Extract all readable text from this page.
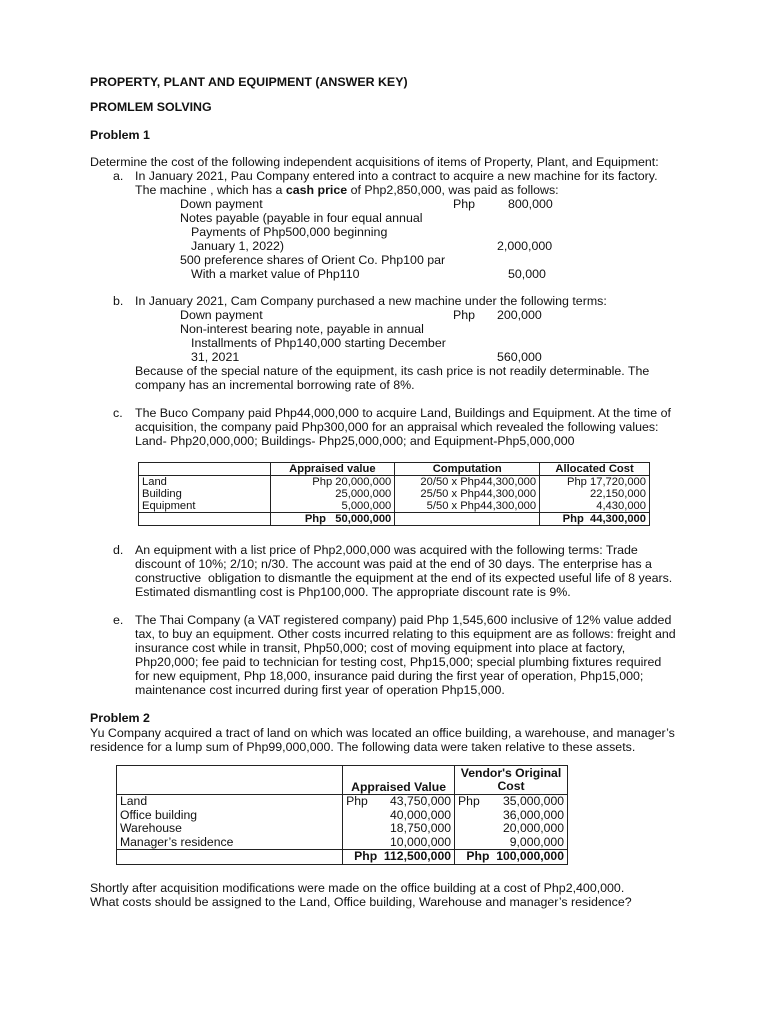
PROPERTY, PLANT AND EQUIPMENT (ANSWER KEY)
PROMLEM SOLVING
Problem 1
Determine the cost of the following independent acquisitions of items of Property, Plant, and Equipment:
a. In January 2021, Pau Company entered into a contract to acquire a new machine for its factory.
The machine , which has a cash price of Php2,850,000, was paid as follows:
Down payment	Php	800,000
Notes payable (payable in four equal annual
Payments of Php500,000 beginning
January 1, 2022)	2,000,000
500 preference shares of Orient Co. Php100 par
With a market value of Php110	50,000
b. In January 2021, Cam Company purchased a new machine under the following terms:
Down payment	Php 200,000
Non-interest bearing note, payable in annual
Installments of Php140,000 starting December
31, 2021	560,000
Because of the special nature of the equipment, its cash price is not readily determinable. The
company has an incremental borrowing rate of 8%.
c. The Buco Company paid Php44,000,000 to acquire Land, Buildings and Equipment. At the time of
acquisition, the company paid Php300,000 for an appraisal which revealed the following values:
Land- Php20,000,000; Buildings- Php25,000,000; and Equipment-Php5,000,000
	Appraised value	Computation	Allocated Cost
Land	Php 20,000,000	20/50 x Php44,300,000	Php 17,720,000
Building	25,000,000	25/50 x Php44,300,000	22,150,000
Equipment	5,000,000	5/50 x Php44,300,000	4,430,000
	Php   50,000,000		Php  44,300,000
d. An equipment with a list price of Php2,000,000 was acquired with the following terms: Trade
discount of 10%; 2/10; n/30. The account was paid at the end of 30 days. The enterprise has a
constructive  obligation to dismantle the equipment at the end of its expected useful life of 8 years.
Estimated dismantling cost is Php100,000. The appropriate discount rate is 9%.
e. The Thai Company (a VAT registered company) paid Php 1,545,600 inclusive of 12% value added
tax, to buy an equipment. Other costs incurred relating to this equipment are as follows: freight and
insurance cost while in transit, Php50,000; cost of moving equipment into place at factory,
Php20,000; fee paid to technician for testing cost, Php15,000; special plumbing fixtures required
for new equipment, Php 18,000, insurance paid during the first year of operation, Php15,000;
maintenance cost incurred during first year of operation Php15,000.
Problem 2
Yu Company acquired a tract of land on which was located an office building, a warehouse, and manager’s
residence for a lump sum of Php99,000,000. The following data were taken relative to these assets.
	Appraised Value	Vendor's Original
Cost

Land	Php 43,750,000	Php 35,000,000

Office building	40,000,000	36,000,000
Warehouse	18,750,000	20,000,000
Manager’s residence	10,000,000	9,000,000
	Php  112,500,000	Php  100,000,000
Shortly after acquisition modifications were made on the office building at a cost of Php2,400,000.
What costs should be assigned to the Land, Office building, Warehouse and manager’s residence?
